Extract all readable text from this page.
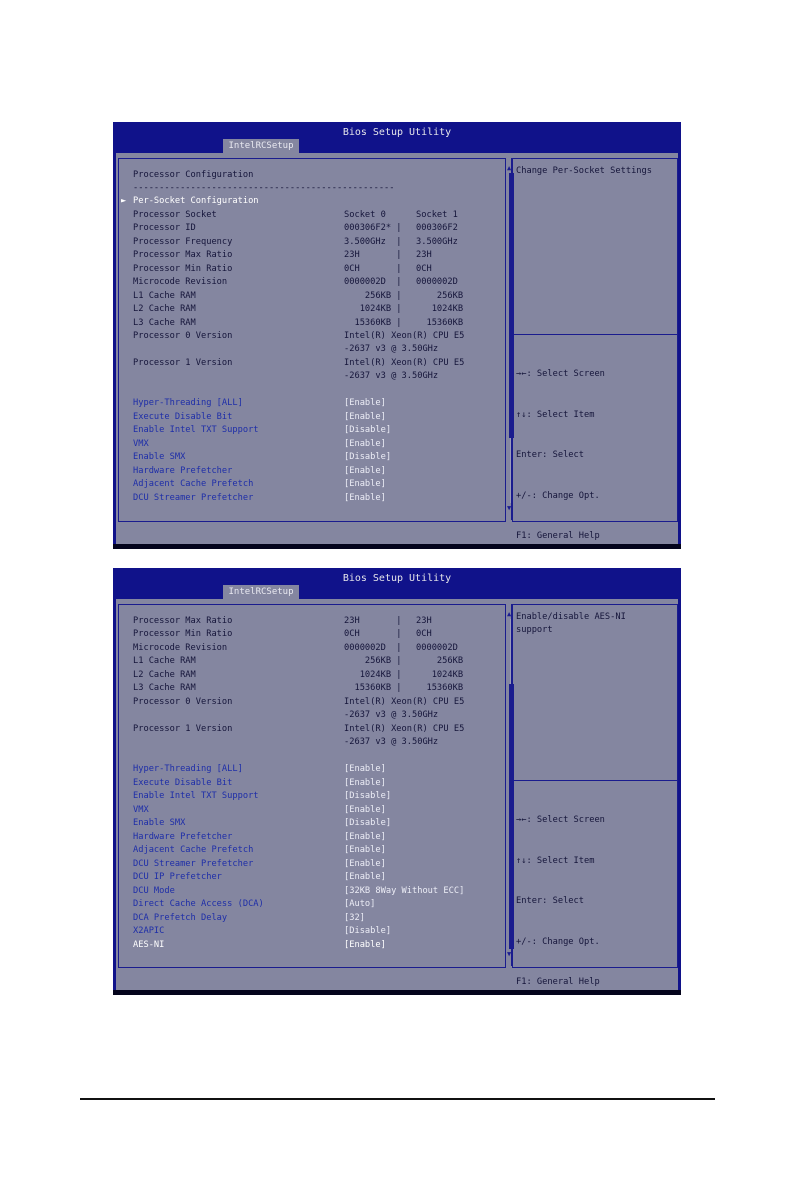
Bios Setup Utility
IntelRCSetup
Processor Configuration
--------------------------------------------------
► Per-Socket Configuration
Processor Socket	Socket 0	Socket 1
Processor ID	000306F2* | 000306F2
Processor Frequency	3.500GHz  | 3.500GHz
Processor Max Ratio	23H       | 23H
Processor Min Ratio	0CH       | 0CH
Microcode Revision	0000002D  | 0000002D
L1 Cache RAM	256KB | 256KB
L2 Cache RAM	1024KB | 1024KB
L3 Cache RAM	15360KB | 15360KB
Processor 0 Version	Intel(R) Xeon(R) CPU E5
-2637 v3 @ 3.50GHz
Processor 1 Version	Intel(R) Xeon(R) CPU E5
-2637 v3 @ 3.50GHz
Hyper-Threading [ALL]	[Enable]
Execute Disable Bit	[Enable]
Enable Intel TXT Support	[Disable]
VMX	[Enable]
Enable SMX	[Disable]
Hardware Prefetcher	[Enable]
Adjacent Cache Prefetch	[Enable]
DCU Streamer Prefetcher	[Enable]
▲
▼
Change Per-Socket Settings

→←: Select Screen

↑↓: Select Item

Enter: Select

+/-: Change Opt.

F1: General Help

Bios Setup Utility
IntelRCSetup
Processor Max Ratio	23H       | 23H
Processor Min Ratio	0CH       | 0CH
Microcode Revision	0000002D  | 0000002D
L1 Cache RAM	256KB | 256KB
L2 Cache RAM	1024KB | 1024KB
L3 Cache RAM	15360KB | 15360KB
Processor 0 Version	Intel(R) Xeon(R) CPU E5
-2637 v3 @ 3.50GHz
Processor 1 Version	Intel(R) Xeon(R) CPU E5
-2637 v3 @ 3.50GHz
Hyper-Threading [ALL]	[Enable]
Execute Disable Bit	[Enable]
Enable Intel TXT Support	[Disable]
VMX	[Enable]
Enable SMX	[Disable]
Hardware Prefetcher	[Enable]
Adjacent Cache Prefetch	[Enable]
DCU Streamer Prefetcher	[Enable]
DCU IP Prefetcher	[Enable]
DCU Mode	[32KB 8Way Without ECC]
Direct Cache Access (DCA)	[Auto]
DCA Prefetch Delay	[32]
X2APIC	[Disable]
AES-NI	[Enable]
▲
▼
Enable/disable AES-NI
support

→←: Select Screen

↑↓: Select Item

Enter: Select

+/-: Change Opt.

F1: General Help
